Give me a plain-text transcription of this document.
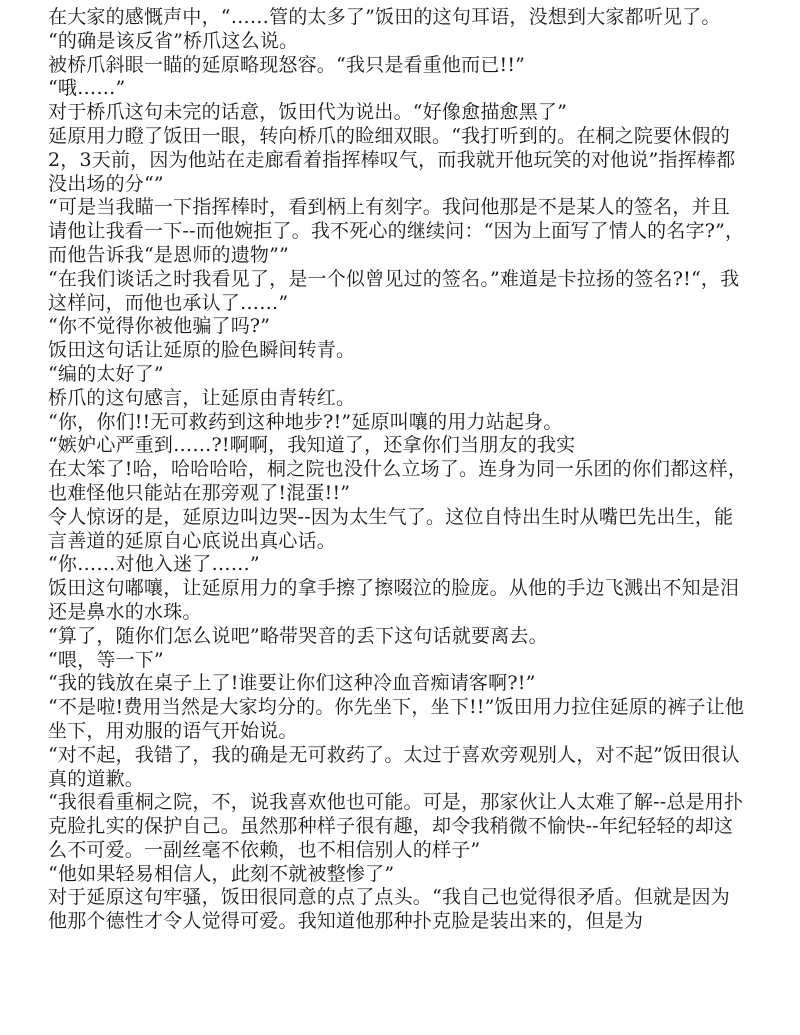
在大家的感慨声中，“……管的太多了”饭田的这句耳语，没想到大家都听见了。

“的确是该反省”桥爪这么说。

被桥爪斜眼一瞄的延原略现怒容。“我只是看重他而已!!”

“哦……”

对于桥爪这句未完的话意，饭田代为说出。“好像愈描愈黑了”

延原用力瞪了饭田一眼，转向桥爪的睑细双眼。“我打听到的。在桐之院要休假的2，3天前，因为他站在走廊看着指挥棒叹气，而我就开他玩笑的对他说”指挥棒都没出场的分“”

“可是当我瞄一下指挥棒时，看到柄上有刻字。我问他那是不是某人的签名，并且请他让我看一下--而他婉拒了。我不死心的继续问：“因为上面写了情人的名字?”，而他告诉我“是恩师的遗物””

“在我们谈话之时我看见了，是一个似曾见过的签名。”难道是卡拉扬的签名?!“，我这样问，而他也承认了……”

“你不觉得你被他骗了吗?”

饭田这句话让延原的脸色瞬间转青。

“编的太好了”

桥爪的这句感言，让延原由青转红。

“你，你们!!无可救药到这种地步?!”延原叫嚷的用力站起身。

“嫉妒心严重到……?!啊啊，我知道了，还拿你们当朋友的我实

在太笨了!哈，哈哈哈哈，桐之院也没什么立场了。连身为同一乐团的你们都这样，也难怪他只能站在那旁观了!混蛋!!”

令人惊讶的是，延原边叫边哭--因为太生气了。这位自恃出生时从嘴巴先出生，能言善道的延原自心底说出真心话。

“你……对他入迷了……”

饭田这句嘟嚷，让延原用力的拿手擦了擦啜泣的脸庞。从他的手边飞溅出不知是泪还是鼻水的水珠。

“算了，随你们怎么说吧”略带哭音的丢下这句话就要离去。

“喂，等一下”

“我的钱放在桌子上了!谁要让你们这种冷血音痴请客啊?!”

“不是啦!费用当然是大家均分的。你先坐下，坐下!!”饭田用力拉住延原的裤子让他坐下，用劝服的语气开始说。

“对不起，我错了，我的确是无可救药了。太过于喜欢旁观别人，对不起”饭田很认真的道歉。

“我很看重桐之院，不，说我喜欢他也可能。可是，那家伙让人太难了解--总是用扑克脸扎实的保护自己。虽然那种样子很有趣，却令我稍微不愉快--年纪轻轻的却这么不可爱。一副丝毫不依赖，也不相信别人的样子”

“他如果轻易相信人，此刻不就被整惨了”

对于延原这句牢骚，饭田很同意的点了点头。“我自己也觉得很矛盾。但就是因为他那个德性才令人觉得可爱。我知道他那种扑克脸是装出来的，但是为
